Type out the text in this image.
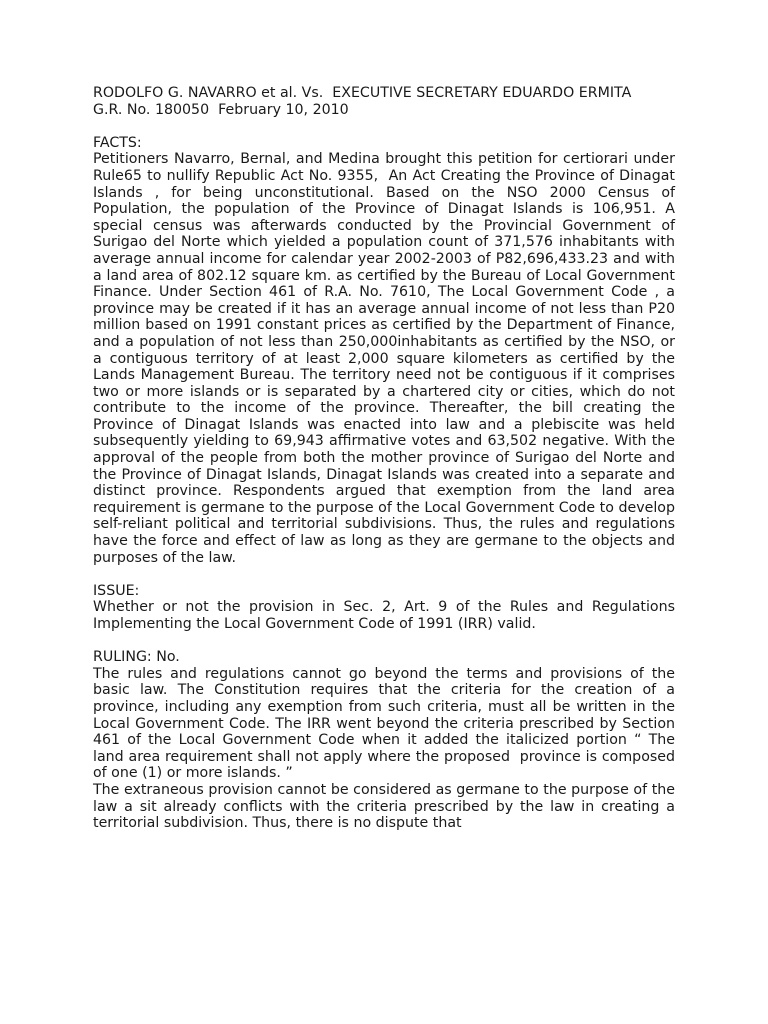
RODOLFO G. NAVARRO et al. Vs.  EXECUTIVE SECRETARY EDUARDO ERMITA

G.R. No. 180050  February 10, 2010

FACTS:

Petitioners Navarro, Bernal, and Medina brought this petition for certiorari under Rule65 to nullify Republic Act No. 9355,  An Act Creating the Province of Dinagat Islands , for being unconstitutional. Based on the NSO 2000 Census of Population, the population of the Province of Dinagat Islands is 106,951. A special census was afterwards conducted by the Provincial Government of Surigao del Norte which yielded a population count of 371,576 inhabitants with average annual income for calendar year 2002-2003 of P82,696,433.23 and with a land area of 802.12 square km. as certified by the Bureau of Local Government Finance. Under Section 461 of R.A. No. 7610, The Local Government Code , a province may be created if it has an average annual income of not less than P20 million based on 1991 constant prices as certified by the Department of Finance, and a population of not less than 250,000inhabitants as certified by the NSO, or a contiguous territory of at least 2,000 square kilometers as certified by the Lands Management Bureau. The territory need not be contiguous if it comprises two or more islands or is separated by a chartered city or cities, which do not contribute to the income of the province. Thereafter, the bill creating the Province of Dinagat Islands was enacted into law and a plebiscite was held subsequently yielding to 69,943 affirmative votes and 63,502 negative. With the approval of the people from both the mother province of Surigao del Norte and the Province of Dinagat Islands, Dinagat Islands was created into a separate and distinct province. Respondents argued that exemption from the land area requirement is germane to the purpose of the Local Government Code to develop self-reliant political and territorial subdivisions. Thus, the rules and regulations have the force and effect of law as long as they are germane to the objects and purposes of the law.

ISSUE:

Whether or not the provision in Sec. 2, Art. 9 of the Rules and Regulations Implementing the Local Government Code of 1991 (IRR) valid.

RULING: No.

The rules and regulations cannot go beyond the terms and provisions of the basic law. The Constitution requires that the criteria for the creation of a province, including any exemption from such criteria, must all be written in the Local Government Code. The IRR went beyond the criteria prescribed by Section 461 of the Local Government Code when it added the italicized portion “ The land area requirement shall not apply where the proposed  province is composed of one (1) or more islands. ”

The extraneous provision cannot be considered as germane to the purpose of the law a sit already conflicts with the criteria prescribed by the law in creating a territorial subdivision. Thus, there is no dispute that
